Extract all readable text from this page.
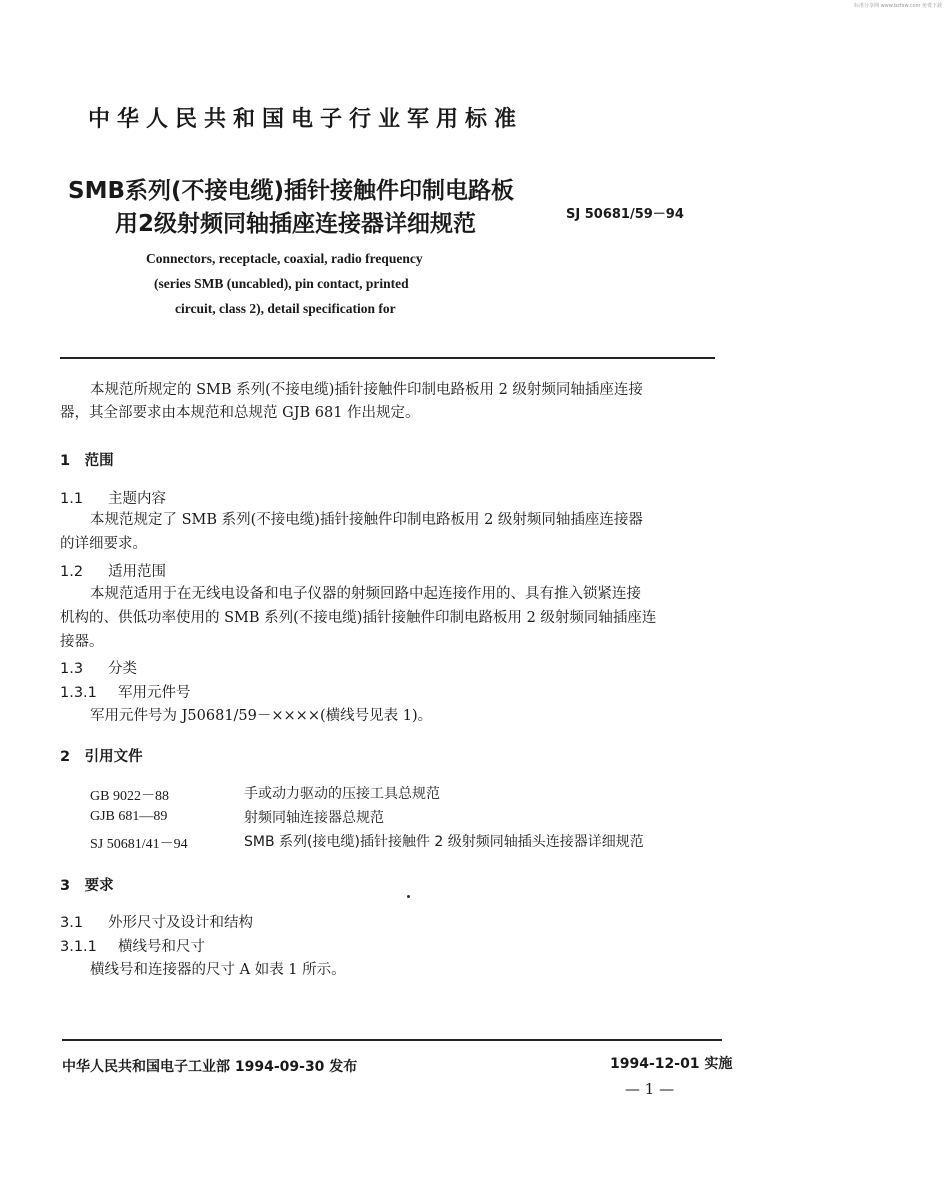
标准分享网 www.bzfxw.com 免费下载
中华人民共和国电子行业军用标准
SMB系列(不接电缆)插针接触件印制电路板
用2级射频同轴插座连接器详细规范	SJ 50681/59－94
Connectors, receptacle, coaxial, radio frequency
(series SMB (uncabled), pin contact, printed
circuit, class 2), detail specification for
本规范所规定的 SMB 系列(不接电缆)插针接触件印制电路板用 2 级射频同轴插座连接
器，其全部要求由本规范和总规范 GJB 681 作出规定。
1　范围
1.1 主题内容
本规范规定了 SMB 系列(不接电缆)插针接触件印制电路板用 2 级射频同轴插座连接器
的详细要求。
1.2 适用范围
本规范适用于在无线电设备和电子仪器的射频回路中起连接作用的、具有推入锁紧连接
机构的、供低功率使用的 SMB 系列(不接电缆)插针接触件印制电路板用 2 级射频同轴插座连
接器。
1.3 分类
1.3.1 军用元件号
军用元件号为 J50681/59－××××(横线号见表 1)。
2　引用文件
GB 9022－88	手或动力驱动的压接工具总规范
GJB 681—89	射频同轴连接器总规范
SJ 50681/41－94	SMB 系列(接电缆)插针接触件 2 级射频同轴插头连接器详细规范
3　要求
3.1 外形尺寸及设计和结构
3.1.1 横线号和尺寸
横线号和连接器的尺寸 A 如表 1 所示。
中华人民共和国电子工业部 1994-09-30 发布	1994-12-01 实施
— 1 —
